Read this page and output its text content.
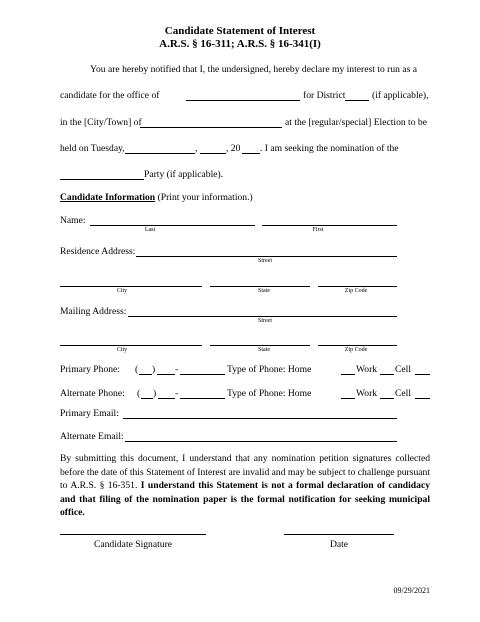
Candidate Statement of Interest
A.R.S. § 16-311; A.R.S. § 16-341(I)
You are hereby notified that I, the undersigned, hereby declare my interest to run as a
candidate for the office of	for District	(if applicable),
in the [City/Town] of	at the [regular/special] Election to be
held on Tuesday,	,	, 20 . I am seeking the nomination of the
Party (if applicable).
Candidate Information (Print your information.)
Name:
Last	First
Residence Address:
Street
City	State	Zip Code
Mailing Address:
Street
City	State	Zip Code
Primary Phone: ( ) -	Type of Phone: Home	Work Cell
Alternate Phone: ( ) -	Type of Phone: Home	Work Cell
Primary Email:
Alternate Email:
By submitting this document, I understand that any nomination petition signatures collected before the date of this Statement of Interest are invalid and may be subject to challenge pursuant to A.R.S. § 16-351. I understand this Statement is not a formal declaration of candidacy and that filing of the nomination paper is the formal notification for seeking municipal office.
Candidate Signature	Date
09/29/2021
